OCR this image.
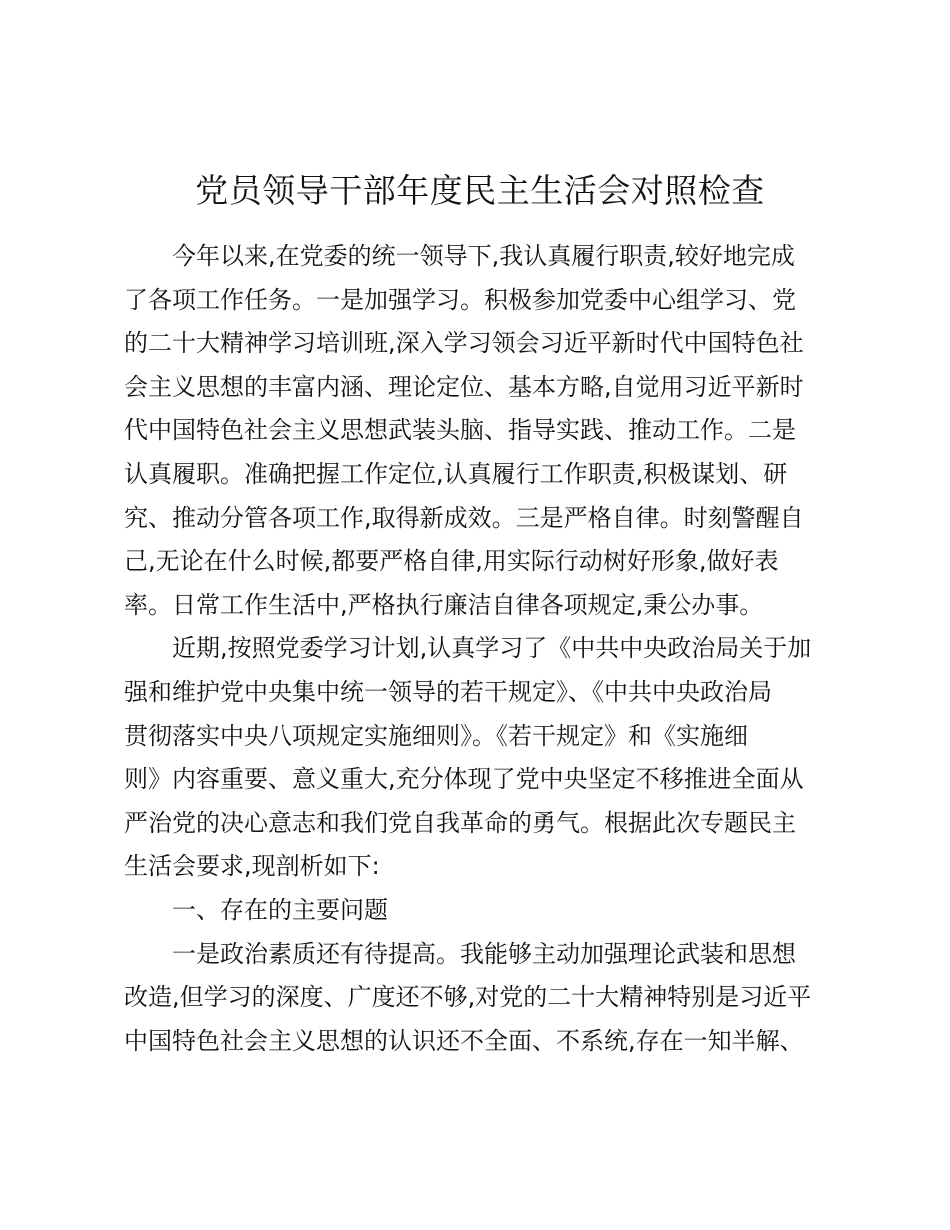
党员领导干部年度民主生活会对照检查
今年以来,在党委的统一领导下,我认真履行职责,较好地完成
了各项工作任务。一是加强学习。积极参加党委中心组学习、党
的二十大精神学习培训班,深入学习领会习近平新时代中国特色社
会主义思想的丰富内涵、理论定位、基本方略,自觉用习近平新时
代中国特色社会主义思想武装头脑、指导实践、推动工作。二是
认真履职。准确把握工作定位,认真履行工作职责,积极谋划、研
究、推动分管各项工作,取得新成效。三是严格自律。时刻警醒自
己,无论在什么时候,都要严格自律,用实际行动树好形象,做好表
率。日常工作生活中,严格执行廉洁自律各项规定,秉公办事。
近期,按照党委学习计划,认真学习了《中共中央政治局关于加
强和维护党中央集中统一领导的若干规定》、《中共中央政治局
贯彻落实中央八项规定实施细则》。《若干规定》和《实施细
则》内容重要、意义重大,充分体现了党中央坚定不移推进全面从
严治党的决心意志和我们党自我革命的勇气。根据此次专题民主
生活会要求,现剖析如下:
一、存在的主要问题
一是政治素质还有待提高。我能够主动加强理论武装和思想
改造,但学习的深度、广度还不够,对党的二十大精神特别是习近平
中国特色社会主义思想的认识还不全面、不系统,存在一知半解、
